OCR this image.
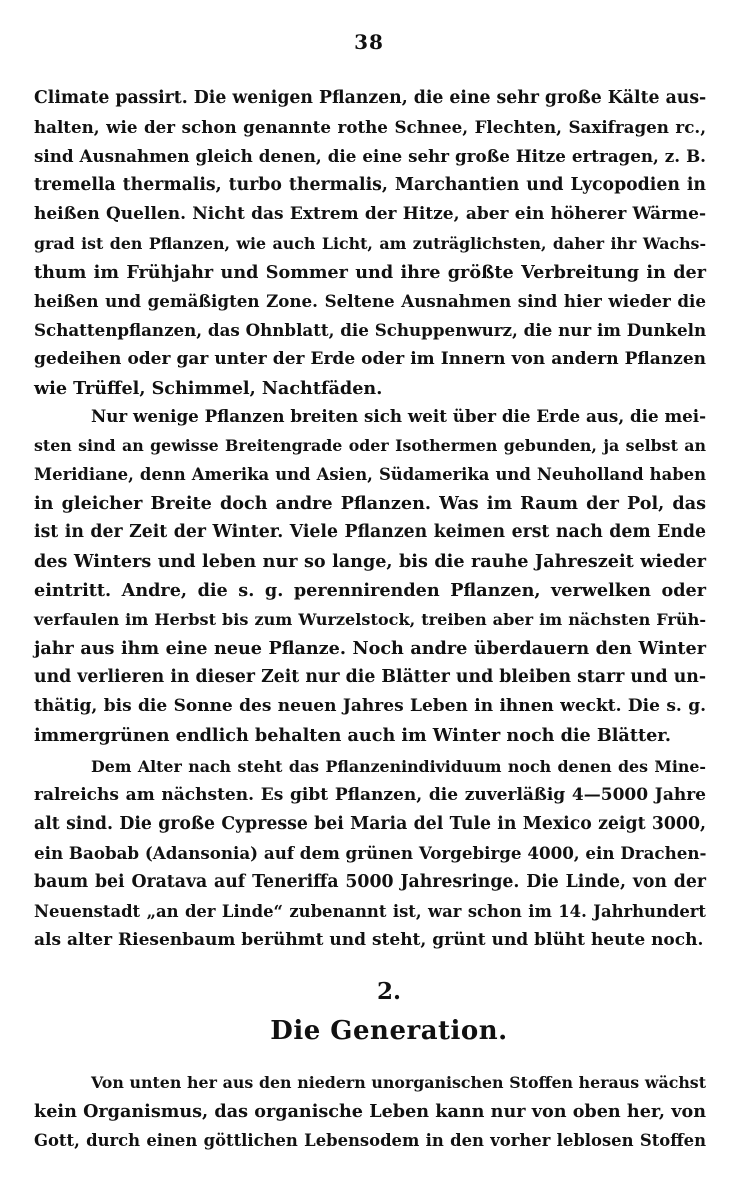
38
Climate passirt. Die wenigen Pflanzen, die eine sehr große Kälte aus-
halten, wie der schon genannte rothe Schnee, Flechten, Saxifragen rc.,
sind Ausnahmen gleich denen, die eine sehr große Hitze ertragen, z. B.
tremella thermalis, turbo thermalis, Marchantien und Lycopodien in
heißen Quellen. Nicht das Extrem der Hitze, aber ein höherer Wärme-
grad ist den Pflanzen, wie auch Licht, am zuträglichsten, daher ihr Wachs-
thum im Frühjahr und Sommer und ihre größte Verbreitung in der
heißen und gemäßigten Zone. Seltene Ausnahmen sind hier wieder die
Schattenpflanzen, das Ohnblatt, die Schuppenwurz, die nur im Dunkeln
gedeihen oder gar unter der Erde oder im Innern von andern Pflanzen
wie Trüffel, Schimmel, Nachtfäden.
Nur wenige Pflanzen breiten sich weit über die Erde aus, die mei-
sten sind an gewisse Breitengrade oder Isothermen gebunden, ja selbst an
Meridiane, denn Amerika und Asien, Südamerika und Neuholland haben
in gleicher Breite doch andre Pflanzen. Was im Raum der Pol, das
ist in der Zeit der Winter. Viele Pflanzen keimen erst nach dem Ende
des Winters und leben nur so lange, bis die rauhe Jahreszeit wieder
eintritt. Andre, die s. g. perennirenden Pflanzen, verwelken oder
verfaulen im Herbst bis zum Wurzelstock, treiben aber im nächsten Früh-
jahr aus ihm eine neue Pflanze. Noch andre überdauern den Winter
und verlieren in dieser Zeit nur die Blätter und bleiben starr und un-
thätig, bis die Sonne des neuen Jahres Leben in ihnen weckt. Die s. g.
immergrünen endlich behalten auch im Winter noch die Blätter.
Dem Alter nach steht das Pflanzenindividuum noch denen des Mine-
ralreichs am nächsten. Es gibt Pflanzen, die zuverläßig 4—5000 Jahre
alt sind. Die große Cypresse bei Maria del Tule in Mexico zeigt 3000,
ein Baobab (Adansonia) auf dem grünen Vorgebirge 4000, ein Drachen-
baum bei Oratava auf Teneriffa 5000 Jahresringe. Die Linde, von der
Neuenstadt „an der Linde“ zubenannt ist, war schon im 14. Jahrhundert
als alter Riesenbaum berühmt und steht, grünt und blüht heute noch.
2.
Die Generation.
Von unten her aus den niedern unorganischen Stoffen heraus wächst
kein Organismus, das organische Leben kann nur von oben her, von
Gott, durch einen göttlichen Lebensodem in den vorher leblosen Stoffen
